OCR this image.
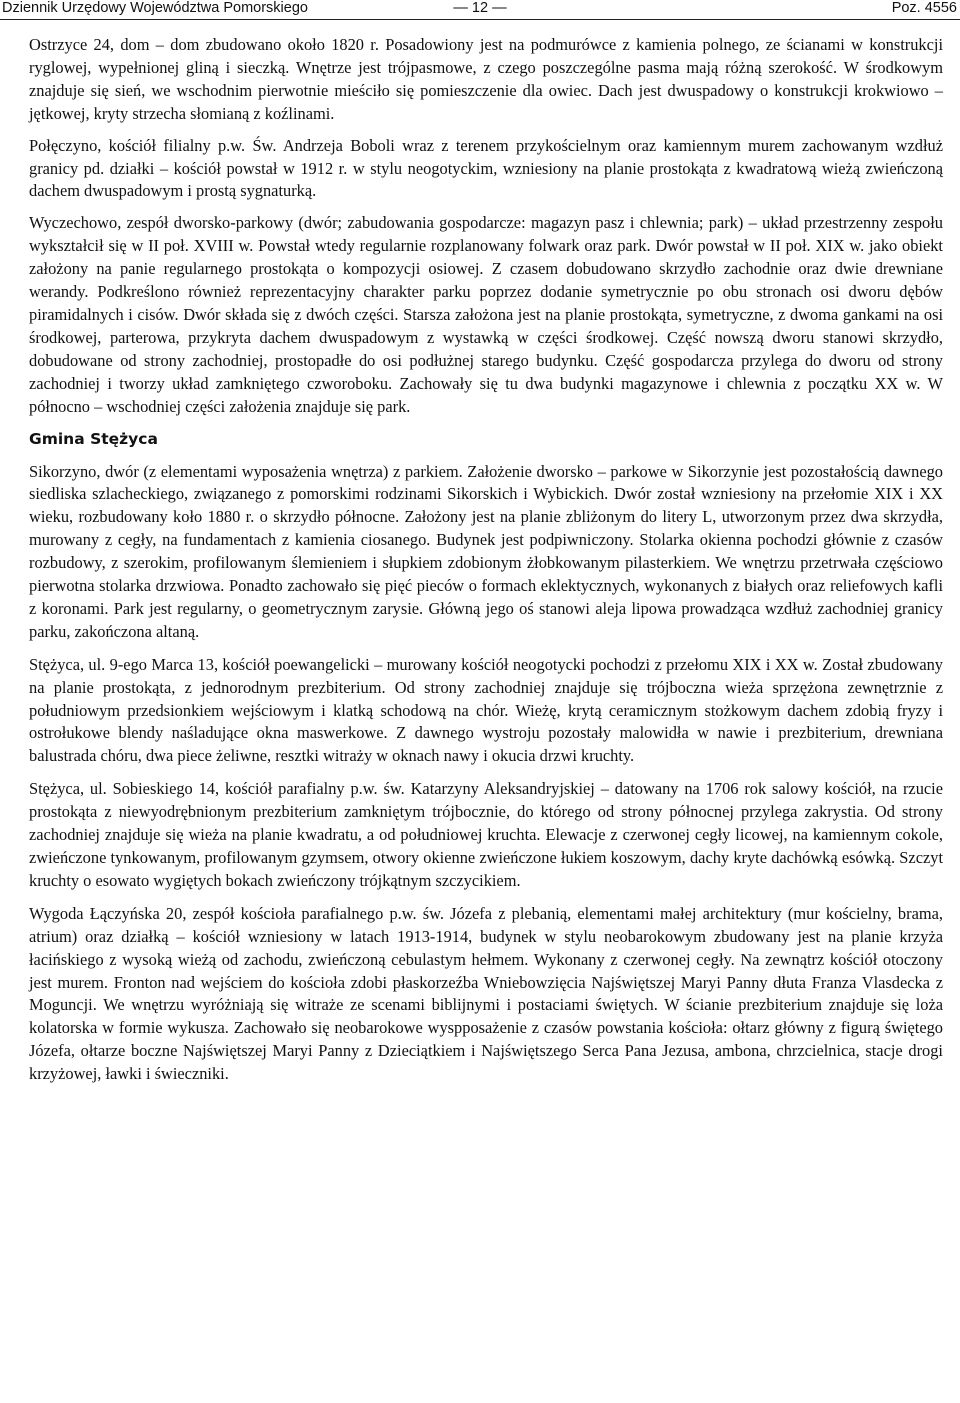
Dziennik Urzędowy Województwa Pomorskiego	— 12 —	Poz. 4556

Ostrzyce 24, dom – dom zbudowano około 1820 r. Posadowiony jest na podmurówce z kamienia polnego, ze ścianami w konstrukcji ryglowej, wypełnionej gliną i sieczką. Wnętrze jest trójpasmowe, z czego poszczególne pasma mają różną szerokość. W środkowym znajduje się sień, we wschodnim pierwotnie mieściło się pomieszczenie dla owiec. Dach jest dwuspadowy o konstrukcji krokwiowo – jętkowej, kryty strzecha słomianą z koźlinami.

Połęczyno, kościół filialny p.w. Św. Andrzeja Boboli wraz z terenem przykościelnym oraz kamiennym murem zachowanym wzdłuż granicy pd. działki – kościół powstał w 1912 r. w stylu neogotyckim, wzniesiony na planie prostokąta z kwadratową wieżą zwieńczoną dachem dwuspadowym i prostą sygnaturką.

Wyczechowo, zespół dworsko-parkowy (dwór; zabudowania gospodarcze: magazyn pasz i chlewnia; park) – układ przestrzenny zespołu wykształcił się w II poł. XVIII w. Powstał wtedy regularnie rozplanowany folwark oraz park. Dwór powstał w II poł. XIX w. jako obiekt założony na panie regularnego prostokąta o kompozycji osiowej. Z czasem dobudowano skrzydło zachodnie oraz dwie drewniane werandy. Podkreślono również reprezentacyjny charakter parku poprzez dodanie symetrycznie po obu stronach osi dworu dębów piramidalnych i cisów. Dwór składa się z dwóch części. Starsza założona jest na planie prostokąta, symetryczne, z dwoma gankami na osi środkowej, parterowa, przykryta dachem dwuspadowym z wystawką w części środkowej. Część nowszą dworu stanowi skrzydło, dobudowane od strony zachodniej, prostopadłe do osi podłużnej starego budynku. Część gospodarcza przylega do dworu od strony zachodniej i tworzy układ zamkniętego czworoboku. Zachowały się tu dwa budynki magazynowe i chlewnia z początku XX w. W północno – wschodniej części założenia znajduje się park.

Gmina Stężyca

Sikorzyno, dwór (z elementami wyposażenia wnętrza) z parkiem. Założenie dworsko – parkowe w Sikorzynie jest pozostałością dawnego siedliska szlacheckiego, związanego z pomorskimi rodzinami Sikorskich i Wybickich. Dwór został wzniesiony na przełomie XIX i XX wieku, rozbudowany koło 1880 r. o skrzydło północne. Założony jest na planie zbliżonym do litery L, utworzonym przez dwa skrzydła, murowany z cegły, na fundamentach z kamienia ciosanego. Budynek jest podpiwniczony. Stolarka okienna pochodzi głównie z czasów rozbudowy, z szerokim, profilowanym ślemieniem i słupkiem zdobionym żłobkowanym pilasterkiem. We wnętrzu przetrwała częściowo pierwotna stolarka drzwiowa. Ponadto zachowało się pięć pieców o formach eklektycznych, wykonanych z białych oraz reliefowych kafli z koronami. Park jest regularny, o geometrycznym zarysie. Główną jego oś stanowi aleja lipowa prowadząca wzdłuż zachodniej granicy parku, zakończona altaną.

Stężyca, ul. 9-ego Marca 13, kościół poewangelicki – murowany kościół neogotycki pochodzi z przełomu XIX i XX w. Został zbudowany na planie prostokąta, z jednorodnym prezbiterium. Od strony zachodniej znajduje się trójboczna wieża sprzężona zewnętrznie z południowym przedsionkiem wejściowym i klatką schodową na chór. Wieżę, krytą ceramicznym stożkowym dachem zdobią fryzy i ostrołukowe blendy naśladujące okna maswerkowe. Z dawnego wystroju pozostały malowidła w nawie i prezbiterium, drewniana balustrada chóru, dwa piece żeliwne, resztki witraży w oknach nawy i okucia drzwi kruchty.

Stężyca, ul. Sobieskiego 14, kościół parafialny p.w. św. Katarzyny Aleksandryjskiej – datowany na 1706 rok salowy kościół, na rzucie prostokąta z niewyodrębnionym prezbiterium zamkniętym trójbocznie, do którego od strony północnej przylega zakrystia. Od strony zachodniej znajduje się wieża na planie kwadratu, a od południowej kruchta. Elewacje z czerwonej cegły licowej, na kamiennym cokole, zwieńczone tynkowanym, profilowanym gzymsem, otwory okienne zwieńczone łukiem koszowym, dachy kryte dachówką esówką. Szczyt kruchty o esowato wygiętych bokach zwieńczony trójkątnym szczycikiem.

Wygoda Łączyńska 20, zespół kościoła parafialnego p.w. św. Józefa z plebanią, elementami małej architektury (mur kościelny, brama, atrium) oraz działką – kościół wzniesiony w latach 1913-1914, budynek w stylu neobarokowym zbudowany jest na planie krzyża łacińskiego z wysoką wieżą od zachodu, zwieńczoną cebulastym hełmem. Wykonany z czerwonej cegły. Na zewnątrz kościół otoczony jest murem. Fronton nad wejściem do kościoła zdobi płaskorzeźba Wniebowzięcia Najświętszej Maryi Panny dłuta Franza Vlasdecka z Moguncji. We wnętrzu wyróżniają się witraże ze scenami biblijnymi i postaciami świętych. W ścianie prezbiterium znajduje się loża kolatorska w formie wykusza. Zachowało się neobarokowe wyspposażenie z czasów powstania kościoła: ołtarz główny z figurą świętego Józefa, ołtarze boczne Najświętszej Maryi Panny z Dzieciątkiem i Najświętszego Serca Pana Jezusa, ambona, chrzcielnica, stacje drogi krzyżowej, ławki i świeczniki.
